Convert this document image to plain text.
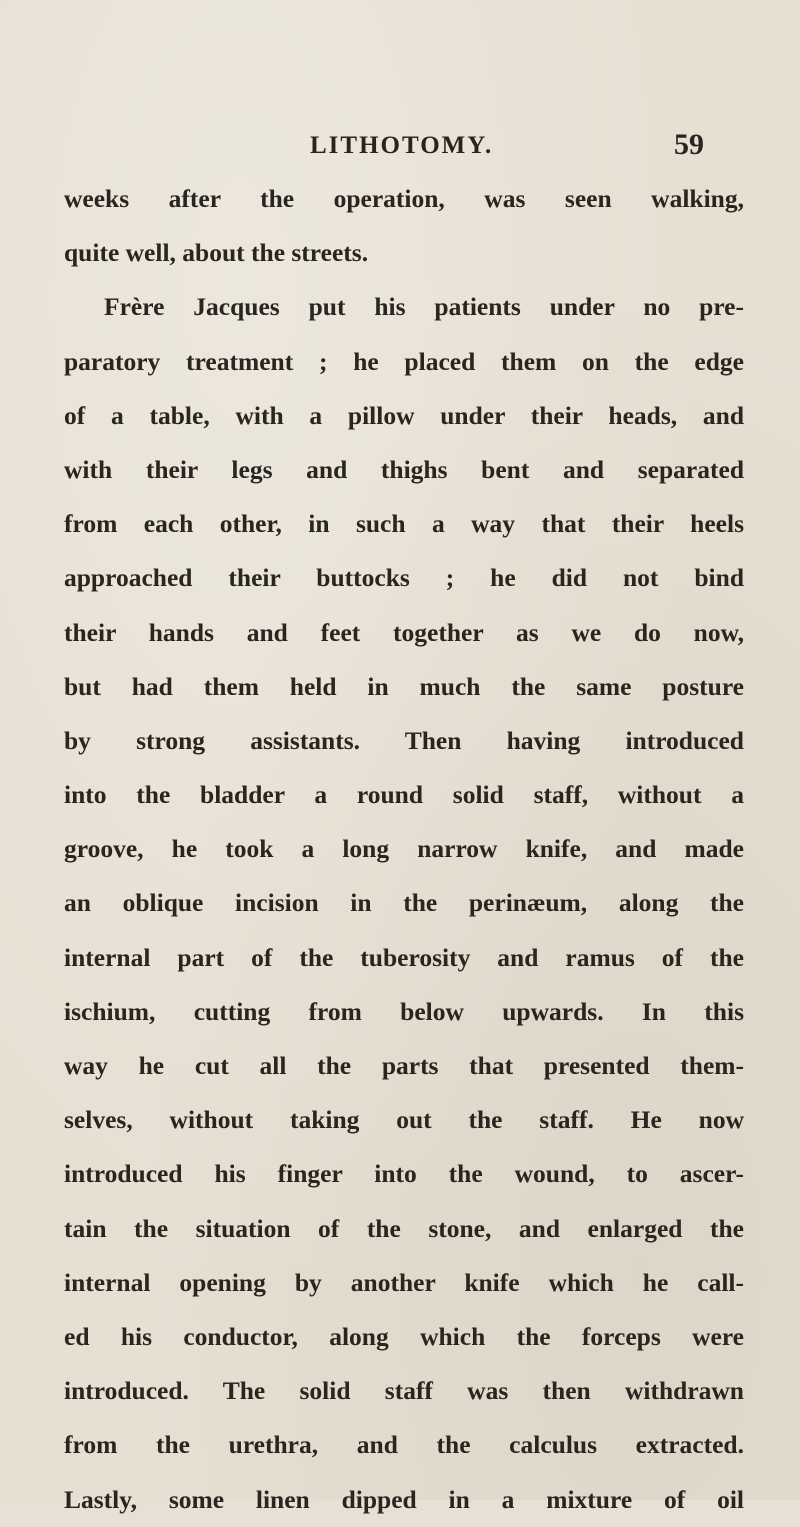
LITHOTOMY.	59
weeks after the operation, was seen walking,
quite well, about the streets.
Frère Jacques put his patients under no pre-
paratory treatment ; he placed them on the edge
of a table, with a pillow under their heads, and
with their legs and thighs bent and separated
from each other, in such a way that their heels
approached their buttocks ; he did not bind
their hands and feet together as we do now,
but had them held in much the same posture
by strong assistants. Then having introduced
into the bladder a round solid staff, without a
groove, he took a long narrow knife, and made
an oblique incision in the perinæum, along the
internal part of the tuberosity and ramus of the
ischium, cutting from below upwards. In this
way he cut all the parts that presented them-
selves, without taking out the staff. He now
introduced his finger into the wound, to ascer-
tain the situation of the stone, and enlarged the
internal opening by another knife which he call-
ed his conductor, along which the forceps were
introduced. The solid staff was then withdrawn
from the urethra, and the calculus extracted.
Lastly, some linen dipped in a mixture of oil
